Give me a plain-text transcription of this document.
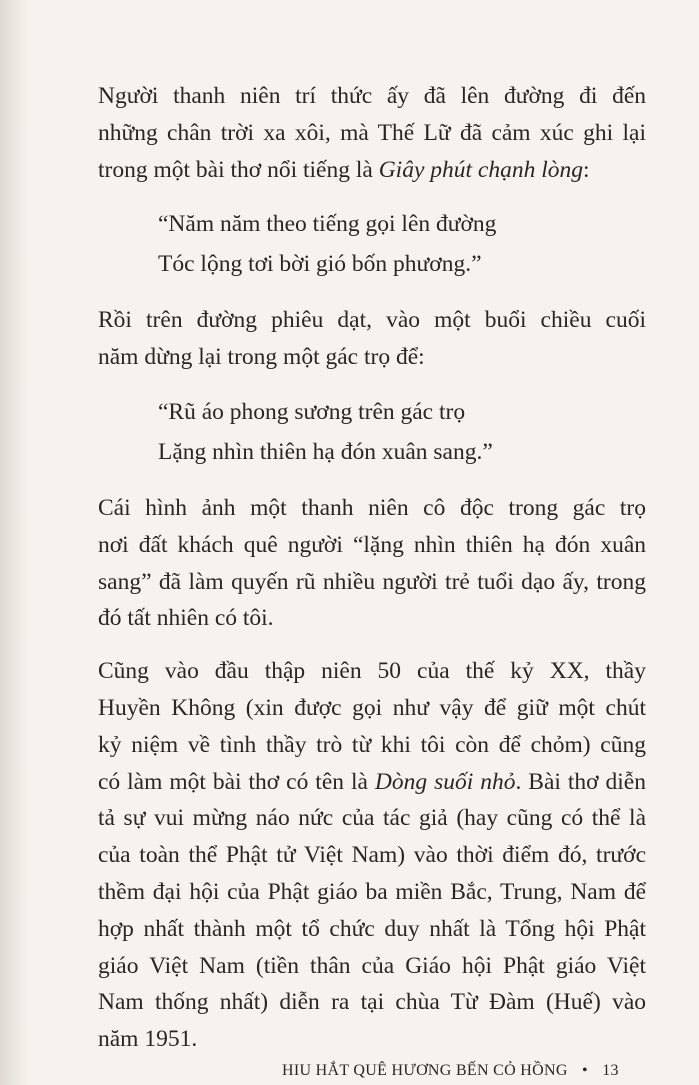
Người thanh niên trí thức ấy đã lên đường đi đến
những chân trời xa xôi, mà Thế Lữ đã cảm xúc ghi lại
trong một bài thơ nổi tiếng là Giây phút chạnh lòng:
“Năm năm theo tiếng gọi lên đường
Tóc lộng tơi bời gió bốn phương.”
Rồi trên đường phiêu dạt, vào một buổi chiều cuối
năm dừng lại trong một gác trọ để:
“Rũ áo phong sương trên gác trọ
Lặng nhìn thiên hạ đón xuân sang.”
Cái hình ảnh một thanh niên cô độc trong gác trọ
nơi đất khách quê người “lặng nhìn thiên hạ đón xuân
sang” đã làm quyến rũ nhiều người trẻ tuổi dạo ấy, trong
đó tất nhiên có tôi.
Cũng vào đầu thập niên 50 của thế kỷ XX, thầy
Huyền Không (xin được gọi như vậy để giữ một chút
kỷ niệm về tình thầy trò từ khi tôi còn để chỏm) cũng
có làm một bài thơ có tên là Dòng suối nhỏ. Bài thơ diễn
tả sự vui mừng náo nức của tác giả (hay cũng có thể là
của toàn thể Phật tử Việt Nam) vào thời điểm đó, trước
thềm đại hội của Phật giáo ba miền Bắc, Trung, Nam để
hợp nhất thành một tổ chức duy nhất là Tổng hội Phật
giáo Việt Nam (tiền thân của Giáo hội Phật giáo Việt
Nam thống nhất) diễn ra tại chùa Từ Đàm (Huế) vào
năm 1951.
HIU HẮT QUÊ HƯƠNG BẾN CỎ HỒNG • 13
